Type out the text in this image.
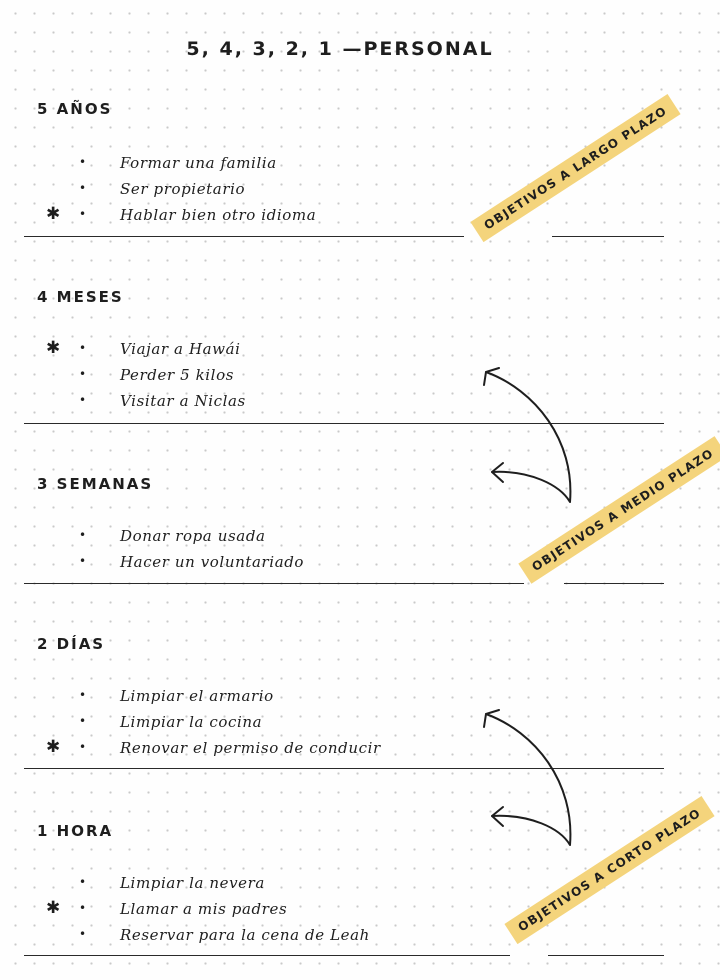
5, 4, 3, 2, 1 —PERSONAL
5 AÑOS
• Formar una familia
• Ser propietario
✱ • Hablar bien otro idioma
4 MESES
✱ • Viajar a Hawái
• Perder 5 kilos
• Visitar a Niclas
3 SEMANAS
• Donar ropa usada
• Hacer un voluntariado
2 DÍAS
• Limpiar el armario
• Limpiar la cocina
✱ • Renovar el permiso de conducir
1 HORA
• Limpiar la nevera
✱ • Llamar a mis padres
• Reservar para la cena de Leah
OBJETIVOS A LARGO PLAZO
OBJETIVOS A MEDIO PLAZO
OBJETIVOS A CORTO PLAZO
